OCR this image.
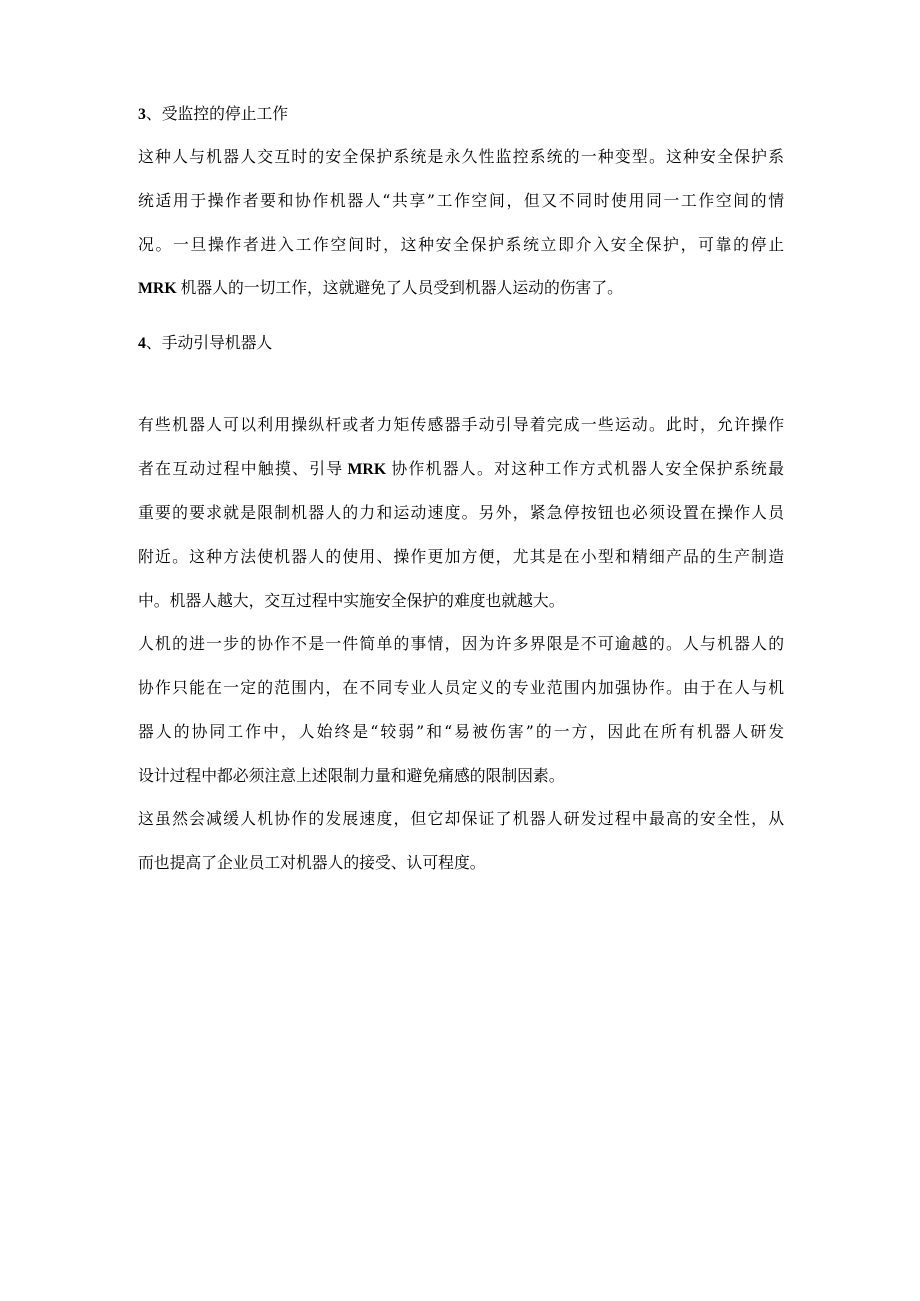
3、受监控的停止工作

这种人与机器人交互时的安全保护系统是永久性监控系统的一种变型。这种安全保护系

统适用于操作者要和协作机器人“共享”工作空间，但又不同时使用同一工作空间的情

况。一旦操作者进入工作空间时，这种安全保护系统立即介入安全保护，可靠的停止

MRK 机器人的一切工作，这就避免了人员受到机器人运动的伤害了。

4、手动引导机器人

有些机器人可以利用操纵杆或者力矩传感器手动引导着完成一些运动。此时，允许操作

者在互动过程中触摸、引导 MRK 协作机器人。对这种工作方式机器人安全保护系统最

重要的要求就是限制机器人的力和运动速度。另外，紧急停按钮也必须设置在操作人员

附近。这种方法使机器人的使用、操作更加方便，尤其是在小型和精细产品的生产制造

中。机器人越大，交互过程中实施安全保护的难度也就越大。

人机的进一步的协作不是一件简单的事情，因为许多界限是不可逾越的。人与机器人的

协作只能在一定的范围内，在不同专业人员定义的专业范围内加强协作。由于在人与机

器人的协同工作中，人始终是“较弱”和“易被伤害”的一方，因此在所有机器人研发

设计过程中都必须注意上述限制力量和避免痛感的限制因素。

这虽然会减缓人机协作的发展速度，但它却保证了机器人研发过程中最高的安全性，从

而也提高了企业员工对机器人的接受、认可程度。
